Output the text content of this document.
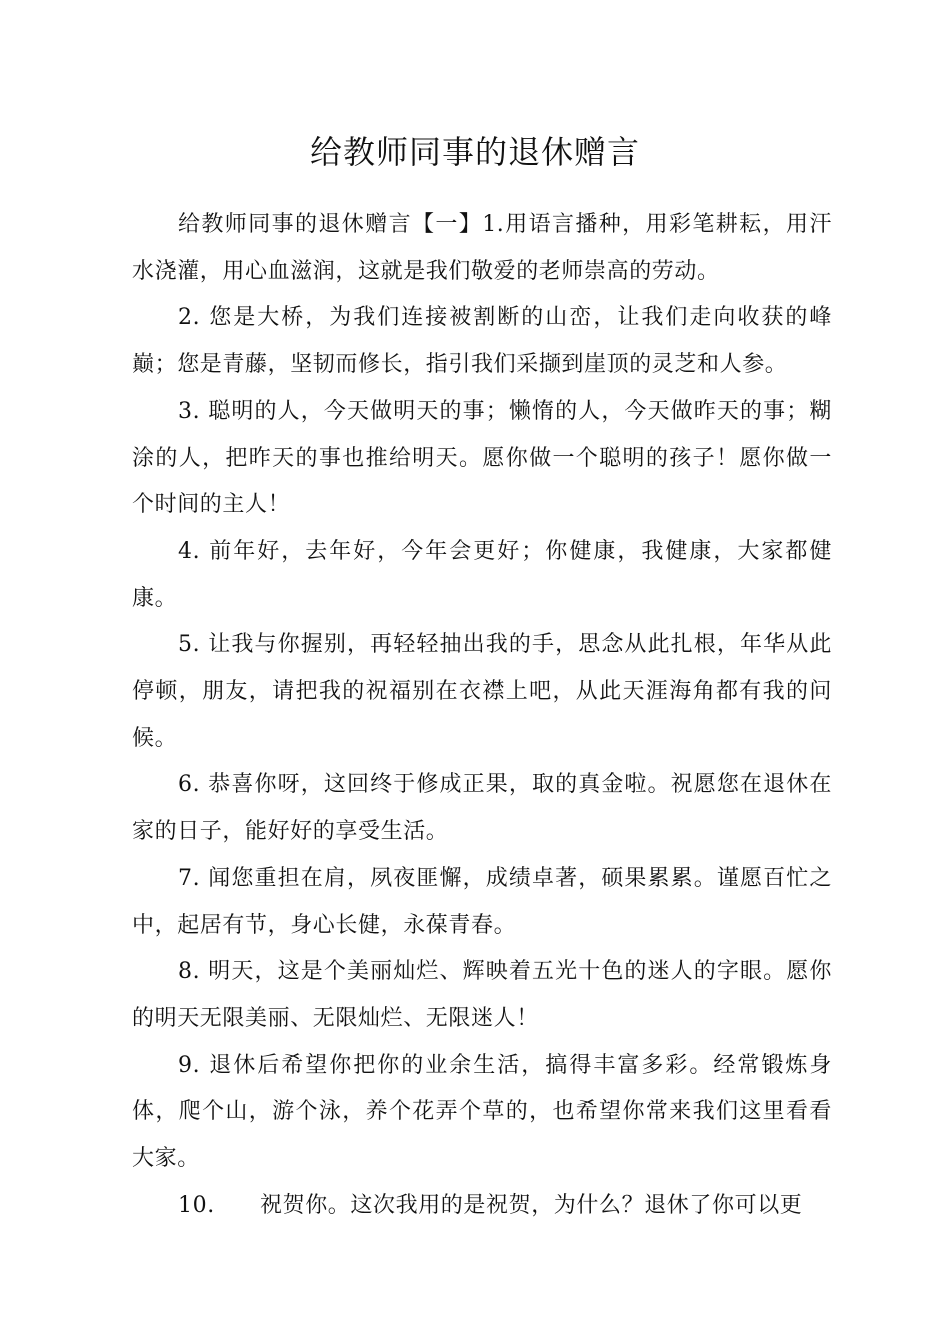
给教师同事的退休赠言

给教师同事的退休赠言【一】1.用语言播种，用彩笔耕耘，用汗水浇灌，用心血滋润，这就是我们敬爱的老师崇高的劳动。

2. 您是大桥，为我们连接被割断的山峦，让我们走向收获的峰巅；您是青藤，坚韧而修长，指引我们采撷到崖顶的灵芝和人参。

3. 聪明的人，今天做明天的事；懒惰的人，今天做昨天的事；糊涂的人，把昨天的事也推给明天。愿你做一个聪明的孩子！愿你做一个时间的主人！

4. 前年好，去年好，今年会更好；你健康，我健康，大家都健康。

5. 让我与你握别，再轻轻抽出我的手，思念从此扎根，年华从此停顿，朋友，请把我的祝福别在衣襟上吧，从此天涯海角都有我的问候。

6. 恭喜你呀，这回终于修成正果，取的真金啦。祝愿您在退休在家的日子，能好好的享受生活。

7. 闻您重担在肩，夙夜匪懈，成绩卓著，硕果累累。谨愿百忙之中，起居有节，身心长健，永葆青春。

8. 明天，这是个美丽灿烂、辉映着五光十色的迷人的字眼。愿你的明天无限美丽、无限灿烂、无限迷人！

9. 退休后希望你把你的业余生活，搞得丰富多彩。经常锻炼身体，爬个山，游个泳，养个花弄个草的，也希望你常来我们这里看看大家。

10.　　祝贺你。这次我用的是祝贺，为什么？退休了你可以更
